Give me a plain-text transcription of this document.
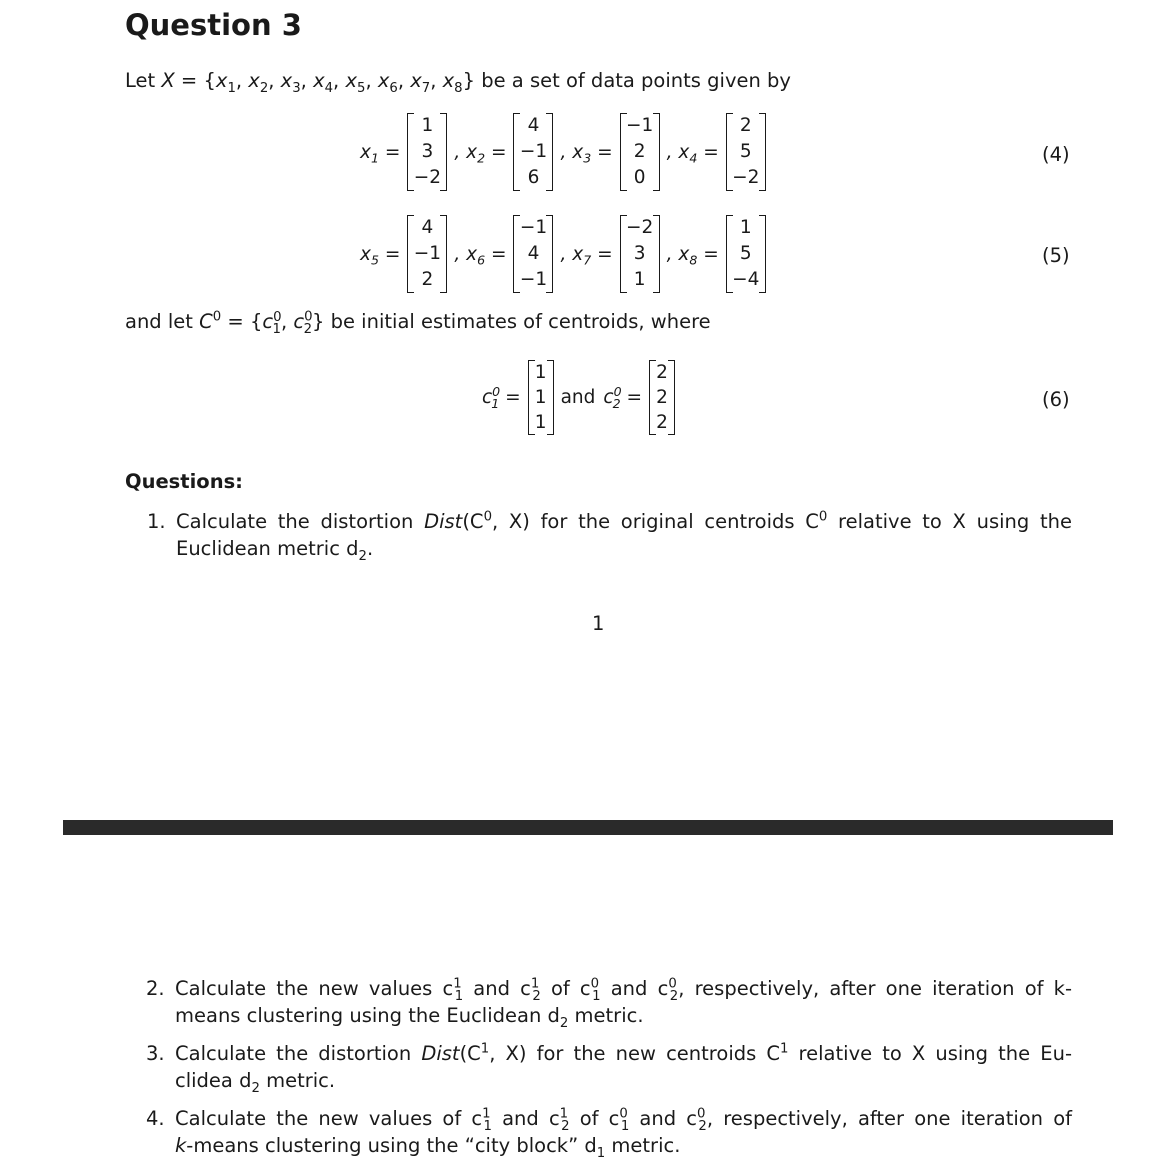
Question 3
Let $X = \{x_1$, $x_2$, $x_3$, $x_4$, $x_5$, $x_6$, $x_7$, $x_8$} be a set of data points given by
$x_1$ =
1
3
−2
, $x_2$ =
4
−1
6
, $x_3$ =
−1
2
0
, $x_4$ =
2
5
−2
(4)
$x_5$ =
4
−1
2
, $x_6$ =
−1
4
−1
, $x_7$ =
−2
3
1
, $x_8$ =
1
5
−4
(5)
and let $C^0 = \{c^0_1$, $c^0_2$} be initial estimates of centroids, where
$c^0_1$ =
1
1
1
and $c^0_2$ =
2
2
2
(6)
Questions:
1. Calculate the distortion $Dist(C^0$, X) for the original centroids $C^0$ relative to X using the
Euclidean metric $d_2$.
1
2. Calculate the new values $c^1_1$ and $c^1_2$ of $c^0_1$ and $c^0_2$, respectively, after one iteration of k-
means clustering using the Euclidean $d_2$ metric.
3. Calculate the distortion $Dist(C^1$, X) for the new centroids $C^1$ relative to X using the Eu-
clidea $d_2$ metric.
4. Calculate the new values of $c^1_1$ and $c^1_2$ of $c^0_1$ and $c^0_2$, respectively, after one iteration of
k-means clustering using the “city block” $d_1$ metric.
